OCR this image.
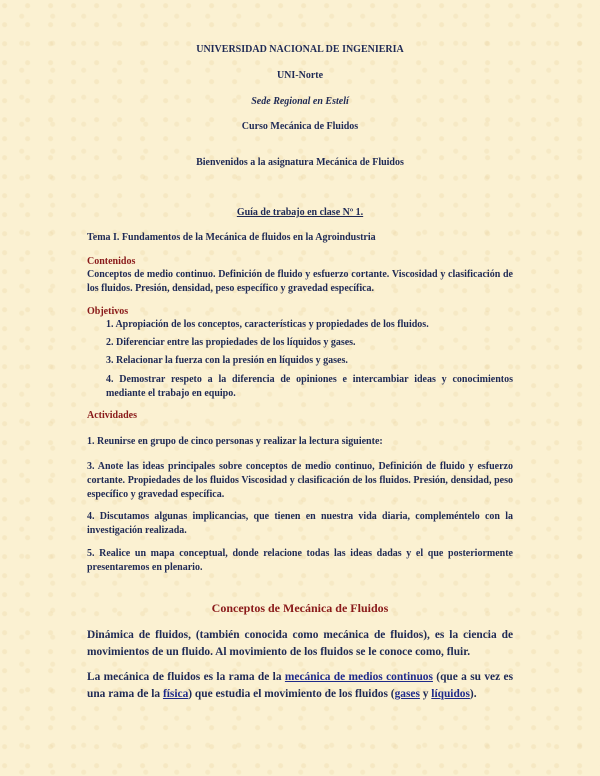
UNIVERSIDAD NACIONAL DE INGENIERIA
UNI-Norte
Sede Regional en Estelí
Curso Mecánica de Fluidos
Bienvenidos a la asignatura Mecánica de Fluidos
Guía de trabajo en clase Nº 1.
Tema I. Fundamentos de la Mecánica de fluidos en la Agroindustria
Contenidos
Conceptos de medio continuo. Definición de fluido y esfuerzo cortante. Viscosidad y clasificación de los fluidos. Presión, densidad, peso específico y gravedad específica.
Objetivos
1. Apropiación de los conceptos, características y propiedades de los fluidos.
2. Diferenciar entre las propiedades de los líquidos y gases.
3. Relacionar la fuerza con la presión en líquidos y gases.
4. Demostrar respeto a la diferencia de opiniones e intercambiar ideas y conocimientos mediante el trabajo en equipo.
Actividades
1. Reunirse en grupo de cinco personas y realizar la lectura siguiente:
3. Anote las ideas principales sobre conceptos de medio continuo, Definición de fluido y esfuerzo cortante. Propiedades de los fluidos Viscosidad y clasificación de los fluidos. Presión, densidad, peso específico y gravedad específica.
4. Discutamos algunas implicancias, que tienen en nuestra vida diaria, compleméntelo con la investigación realizada.
5. Realice un mapa conceptual, donde relacione todas las ideas dadas y el que posteriormente presentaremos en plenario.
Conceptos de Mecánica de Fluidos
Dinámica de fluidos, (también conocida como mecánica de fluidos), es la ciencia de movimientos de un fluido. Al movimiento de los fluidos se le conoce como, fluir.
La mecánica de fluidos es la rama de la mecánica de medios continuos (que a su vez es una rama de la física) que estudia el movimiento de los fluidos (gases y líquidos).
